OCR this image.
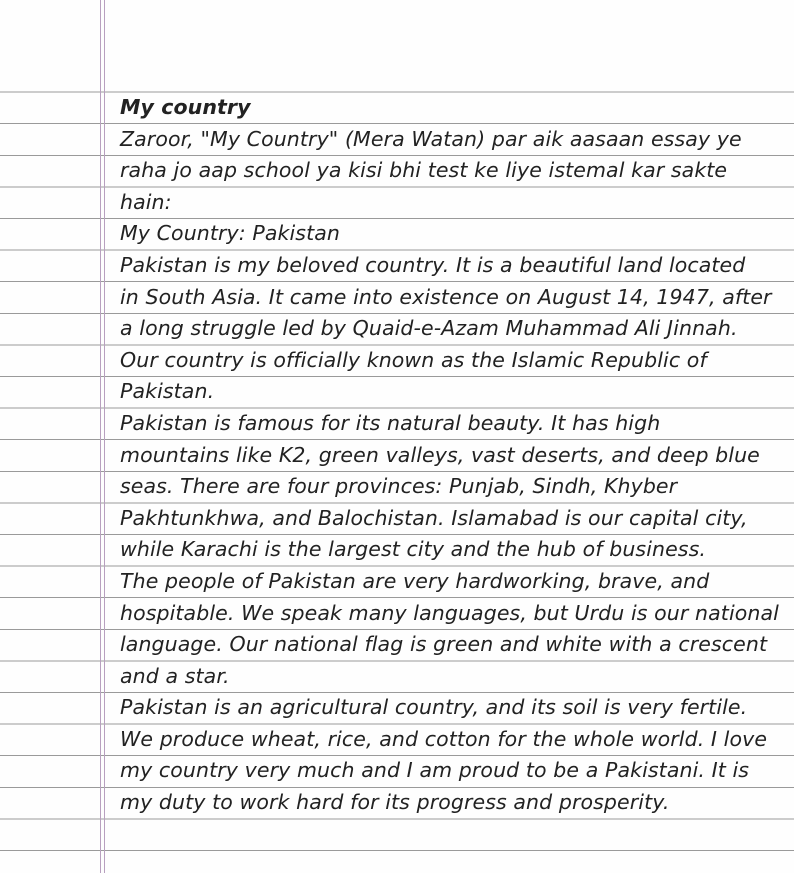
My country
Zaroor, "My Country" (Mera Watan) par aik aasaan essay ye
raha jo aap school ya kisi bhi test ke liye istemal kar sakte
hain:
My Country: Pakistan
Pakistan is my beloved country. It is a beautiful land located
in South Asia. It came into existence on August 14, 1947, after
a long struggle led by Quaid-e-Azam Muhammad Ali Jinnah.
Our country is officially known as the Islamic Republic of
Pakistan.
Pakistan is famous for its natural beauty. It has high
mountains like K2, green valleys, vast deserts, and deep blue
seas. There are four provinces: Punjab, Sindh, Khyber
Pakhtunkhwa, and Balochistan. Islamabad is our capital city,
while Karachi is the largest city and the hub of business.
The people of Pakistan are very hardworking, brave, and
hospitable. We speak many languages, but Urdu is our national
language. Our national flag is green and white with a crescent
and a star.
Pakistan is an agricultural country, and its soil is very fertile.
We produce wheat, rice, and cotton for the whole world. I love
my country very much and I am proud to be a Pakistani. It is
my duty to work hard for its progress and prosperity.
